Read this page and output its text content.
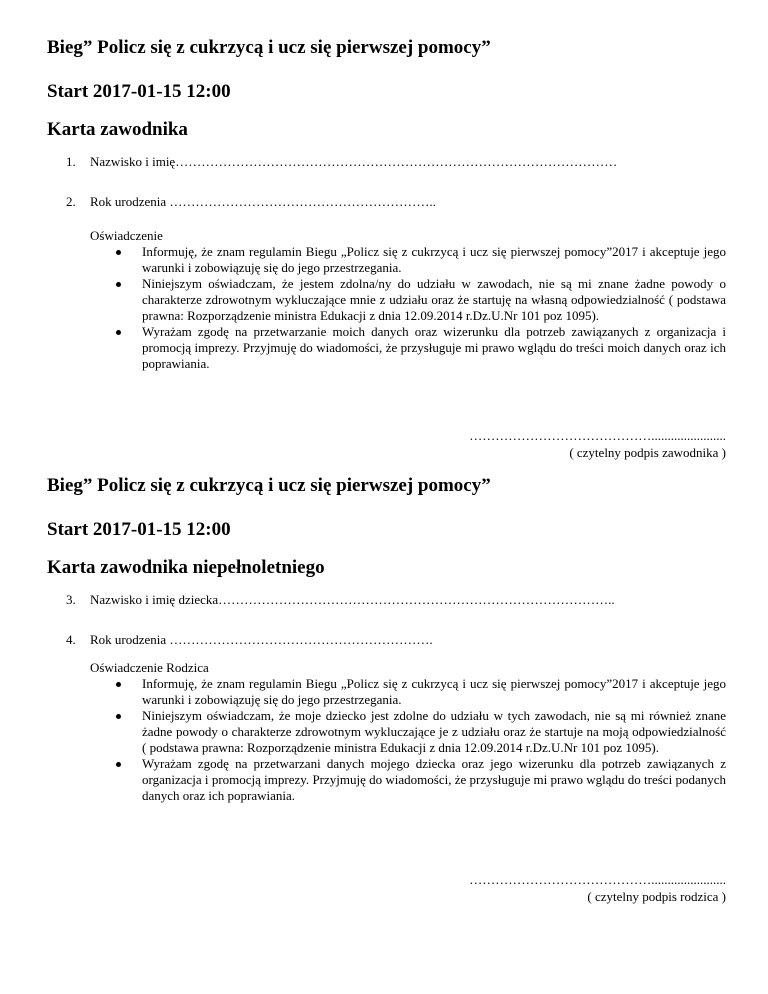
Bieg” Policz się z cukrzycą i ucz się pierwszej pomocy”
Start 2017-01-15 12:00
Karta zawodnika
1. Nazwisko i imię…………………………………………………………………………………………
2. Rok urodzenia ……………………………………………………..

Oświadczenie

Informuję, że znam regulamin Biegu „Policz się z cukrzycą i ucz się pierwszej pomocy”2017 i akceptuje jego warunki i zobowiązuję się do jego przestrzegania.
Niniejszym oświadczam, że jestem zdolna/ny do udziału w zawodach, nie są mi znane żadne powody o charakterze zdrowotnym wykluczające mnie z udziału oraz że startuję na własną odpowiedzialność ( podstawa prawna: Rozporządzenie ministra Edukacji z dnia 12.09.2014 r.Dz.U.Nr 101 poz 1095).
Wyrażam zgodę na przetwarzanie moich danych oraz wizerunku dla potrzeb zawiązanych z organizacja i promocją imprezy. Przyjmuję do wiadomości, że przysługuje mi prawo wglądu do treści moich danych oraz ich poprawiania.
…………………………………….......................
( czytelny podpis zawodnika )
Bieg” Policz się z cukrzycą i ucz się pierwszej pomocy”
Start 2017-01-15 12:00
Karta zawodnika niepełnoletniego
3. Nazwisko i imię dziecka………………………………………………………………………………..
4. Rok urodzenia …………………………………………………….

Oświadczenie Rodzica

Informuję, że znam regulamin Biegu „Policz się z cukrzycą i ucz się pierwszej pomocy”2017 i akceptuje jego warunki i zobowiązuję się do jego przestrzegania.
Niniejszym oświadczam, że moje dziecko jest zdolne do udziału w tych zawodach, nie są mi również znane żadne powody o charakterze zdrowotnym wykluczające je z udziału oraz że startuje na moją odpowiedzialność ( podstawa prawna: Rozporządzenie ministra Edukacji z dnia 12.09.2014 r.Dz.U.Nr 101 poz 1095).
Wyrażam zgodę na przetwarzani danych mojego dziecka oraz jego wizerunku dla potrzeb zawiązanych z organizacja i promocją imprezy. Przyjmuję do wiadomości, że przysługuje mi prawo wglądu do treści podanych danych oraz ich poprawiania.
…………………………………….......................
( czytelny podpis rodzica )
